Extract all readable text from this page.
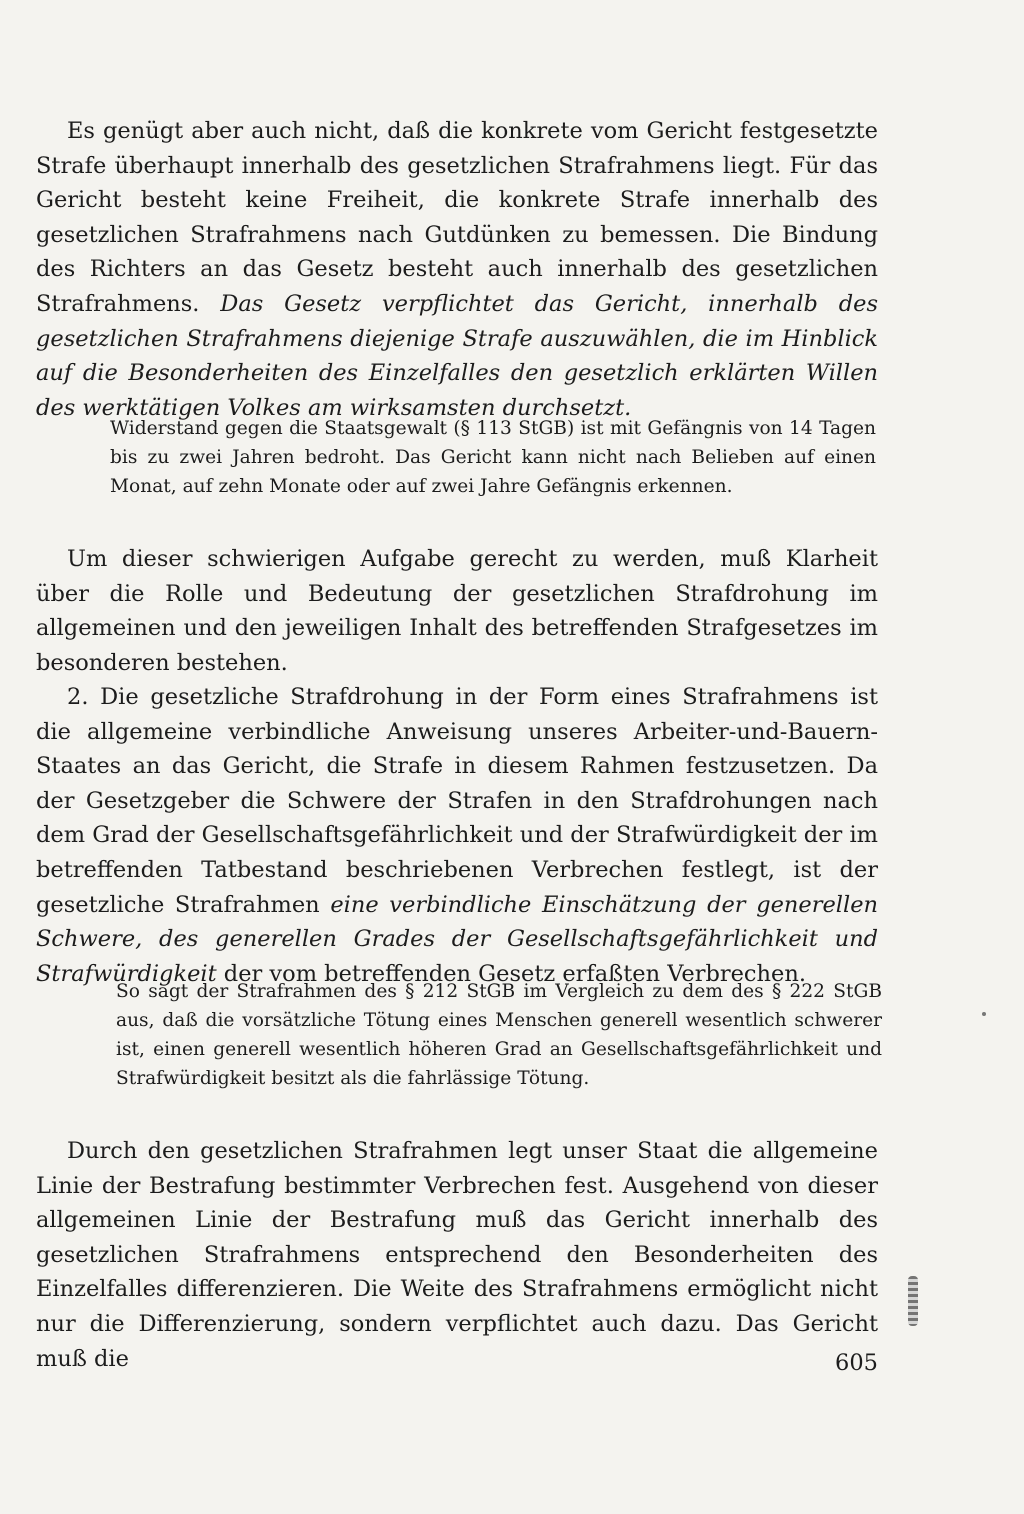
Es genügt aber auch nicht, daß die konkrete vom Gericht festgesetzte Strafe überhaupt innerhalb des gesetzlichen Strafrahmens liegt. Für das Gericht besteht keine Freiheit, die konkrete Strafe innerhalb des gesetzlichen Strafrahmens nach Gutdünken zu bemessen. Die Bindung des Richters an das Gesetz besteht auch innerhalb des gesetzlichen Strafrahmens. Das Gesetz verpflichtet das Gericht, innerhalb des gesetzlichen Strafrahmens diejenige Strafe auszuwählen, die im Hinblick auf die Besonderheiten des Einzelfalles den gesetzlich erklärten Willen des werktätigen Volkes am wirksamsten durchsetzt.

Widerstand gegen die Staatsgewalt (§ 113 StGB) ist mit Gefängnis von 14 Tagen bis zu zwei Jahren bedroht. Das Gericht kann nicht nach Belieben auf einen Monat, auf zehn Monate oder auf zwei Jahre Gefängnis erkennen.

Um dieser schwierigen Aufgabe gerecht zu werden, muß Klarheit über die Rolle und Bedeutung der gesetzlichen Strafdrohung im allgemeinen und den jeweiligen Inhalt des betreffenden Strafgesetzes im besonderen bestehen.

2. Die gesetzliche Strafdrohung in der Form eines Strafrahmens ist die allgemeine verbindliche Anweisung unseres Arbeiter-und-Bauern-Staates an das Gericht, die Strafe in diesem Rahmen festzusetzen. Da der Gesetzgeber die Schwere der Strafen in den Strafdrohungen nach dem Grad der Gesellschaftsgefährlichkeit und der Strafwürdigkeit der im betreffenden Tatbestand beschriebenen Verbrechen festlegt, ist der gesetzliche Strafrahmen eine verbindliche Einschätzung der generellen Schwere, des generellen Grades der Gesellschaftsgefährlichkeit und Strafwürdigkeit der vom betreffenden Gesetz erfaßten Verbrechen.

So sagt der Strafrahmen des § 212 StGB im Vergleich zu dem des § 222 StGB aus, daß die vorsätzliche Tötung eines Menschen generell wesentlich schwerer ist, einen generell wesentlich höheren Grad an Gesellschaftsgefährlichkeit und Strafwürdigkeit besitzt als die fahrlässige Tötung.

Durch den gesetzlichen Strafrahmen legt unser Staat die allgemeine Linie der Bestrafung bestimmter Verbrechen fest. Ausgehend von dieser allgemeinen Linie der Bestrafung muß das Gericht innerhalb des gesetzlichen Strafrahmens entsprechend den Besonderheiten des Einzelfalles differenzieren. Die Weite des Strafrahmens ermöglicht nicht nur die Differenzierung, sondern verpflichtet auch dazu. Das Gericht muß die	605
